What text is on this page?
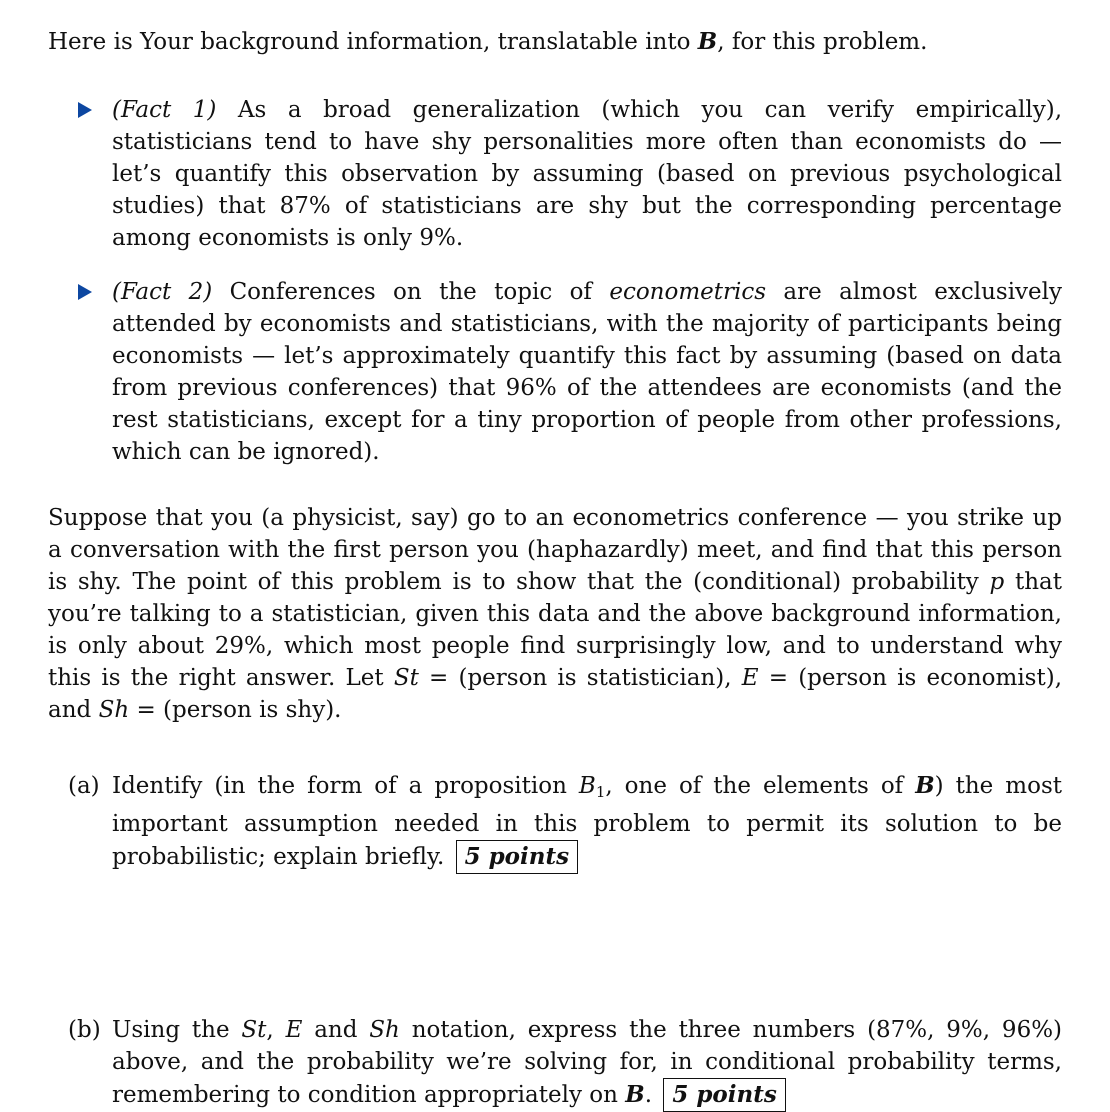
Here is Your background information, translatable into B, for this problem.

(Fact 1) As a broad generalization (which you can verify empirically), statisticians tend to have shy personalities more often than economists do — let’s quantify this observation by assuming (based on previous psychological studies) that 87% of statisticians are shy but the corresponding percentage among economists is only 9%.
(Fact 2) Conferences on the topic of econometrics are almost exclusively attended by economists and statisticians, with the majority of participants being economists — let’s approximately quantify this fact by assuming (based on data from previous conferences) that 96% of the attendees are economists (and the rest statisticians, except for a tiny proportion of people from other professions, which can be ignored).

Suppose that you (a physicist, say) go to an econometrics conference — you strike up a conversation with the first person you (haphazardly) meet, and find that this person is shy. The point of this problem is to show that the (conditional) probability p that you’re talking to a statistician, given this data and the above background information, is only about 29%, which most people find surprisingly low, and to understand why this is the right answer. Let St = (person is statistician), E = (person is economist), and Sh = (person is shy).

(a) Identify (in the form of a proposition $B_1$, one of the elements of B) the most important assumption needed in this problem to permit its solution to be probabilistic; explain briefly. 5 points
(b) Using the St, E and Sh notation, express the three numbers (87%, 9%, 96%) above, and the probability we’re solving for, in conditional probability terms, remembering to condition appropriately on B. 5 points
